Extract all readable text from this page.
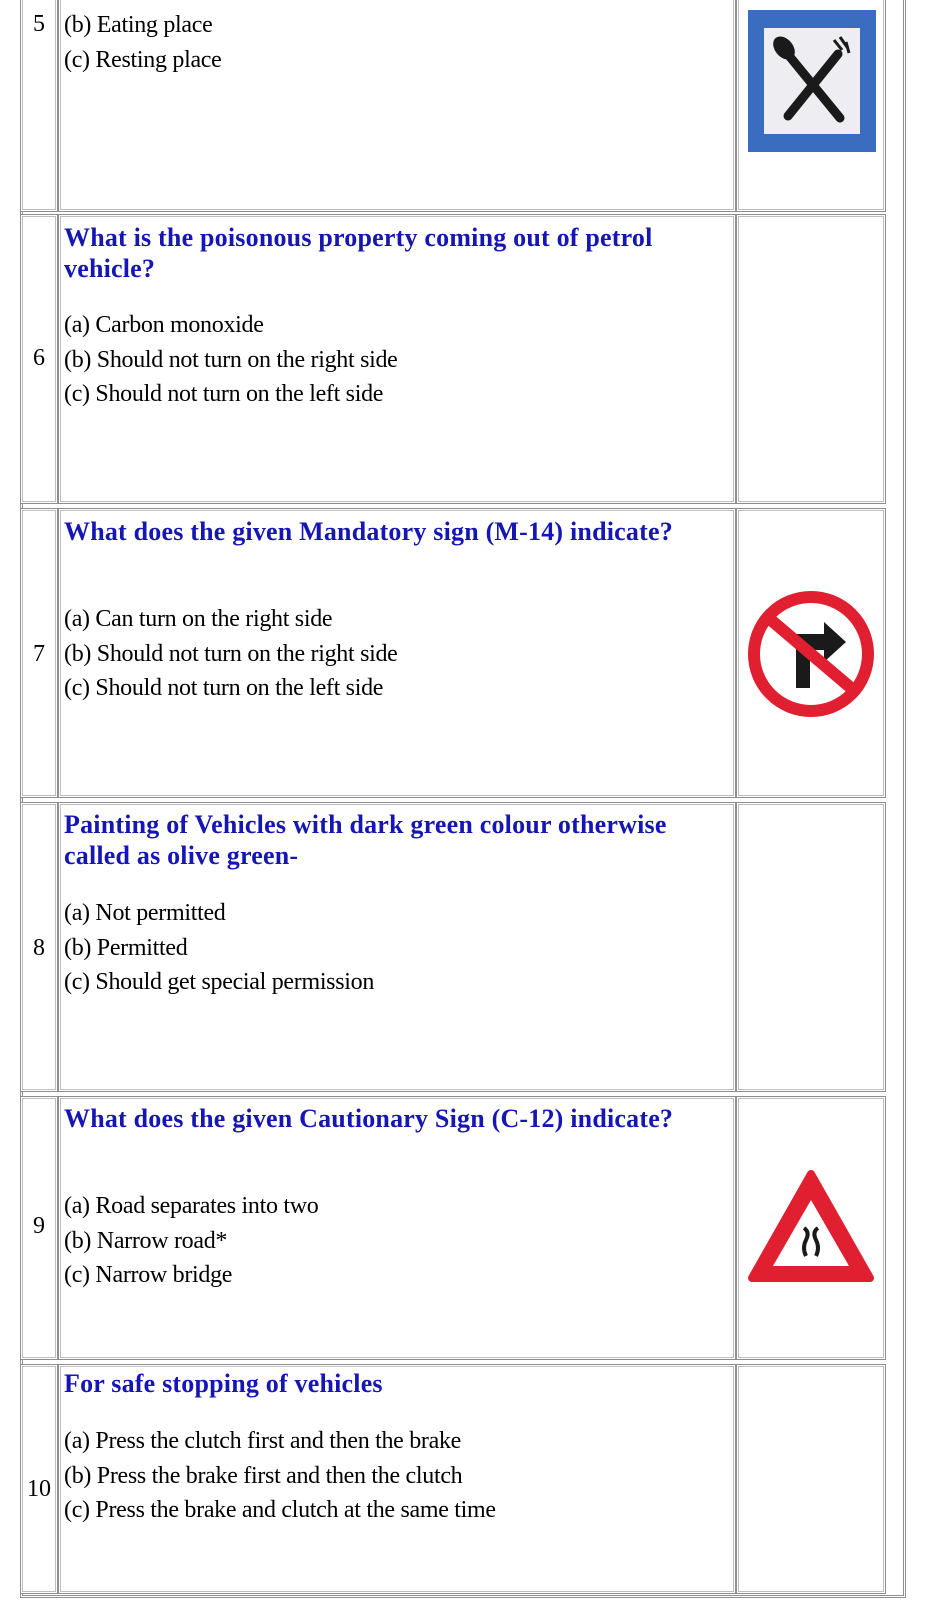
5 (b) Eating place
(c) Resting place
6
What is the poisonous property coming out of petrol vehicle?
(a) Carbon monoxide
(b) Should not turn on the right side
(c) Should not turn on the left side
7
What does the given Mandatory sign (M-14) indicate?
(a) Can turn on the right side
(b) Should not turn on the right side
(c) Should not turn on the left side
8
Painting of Vehicles with dark green colour otherwise called as olive green-
(a) Not permitted
(b) Permitted
(c) Should get special permission
9
What does the given Cautionary Sign (C-12) indicate?
(a) Road separates into two
(b) Narrow road*
(c) Narrow bridge
10
For safe stopping of vehicles
(a) Press the clutch first and then the brake
(b) Press the brake first and then the clutch
(c) Press the brake and clutch at the same time
